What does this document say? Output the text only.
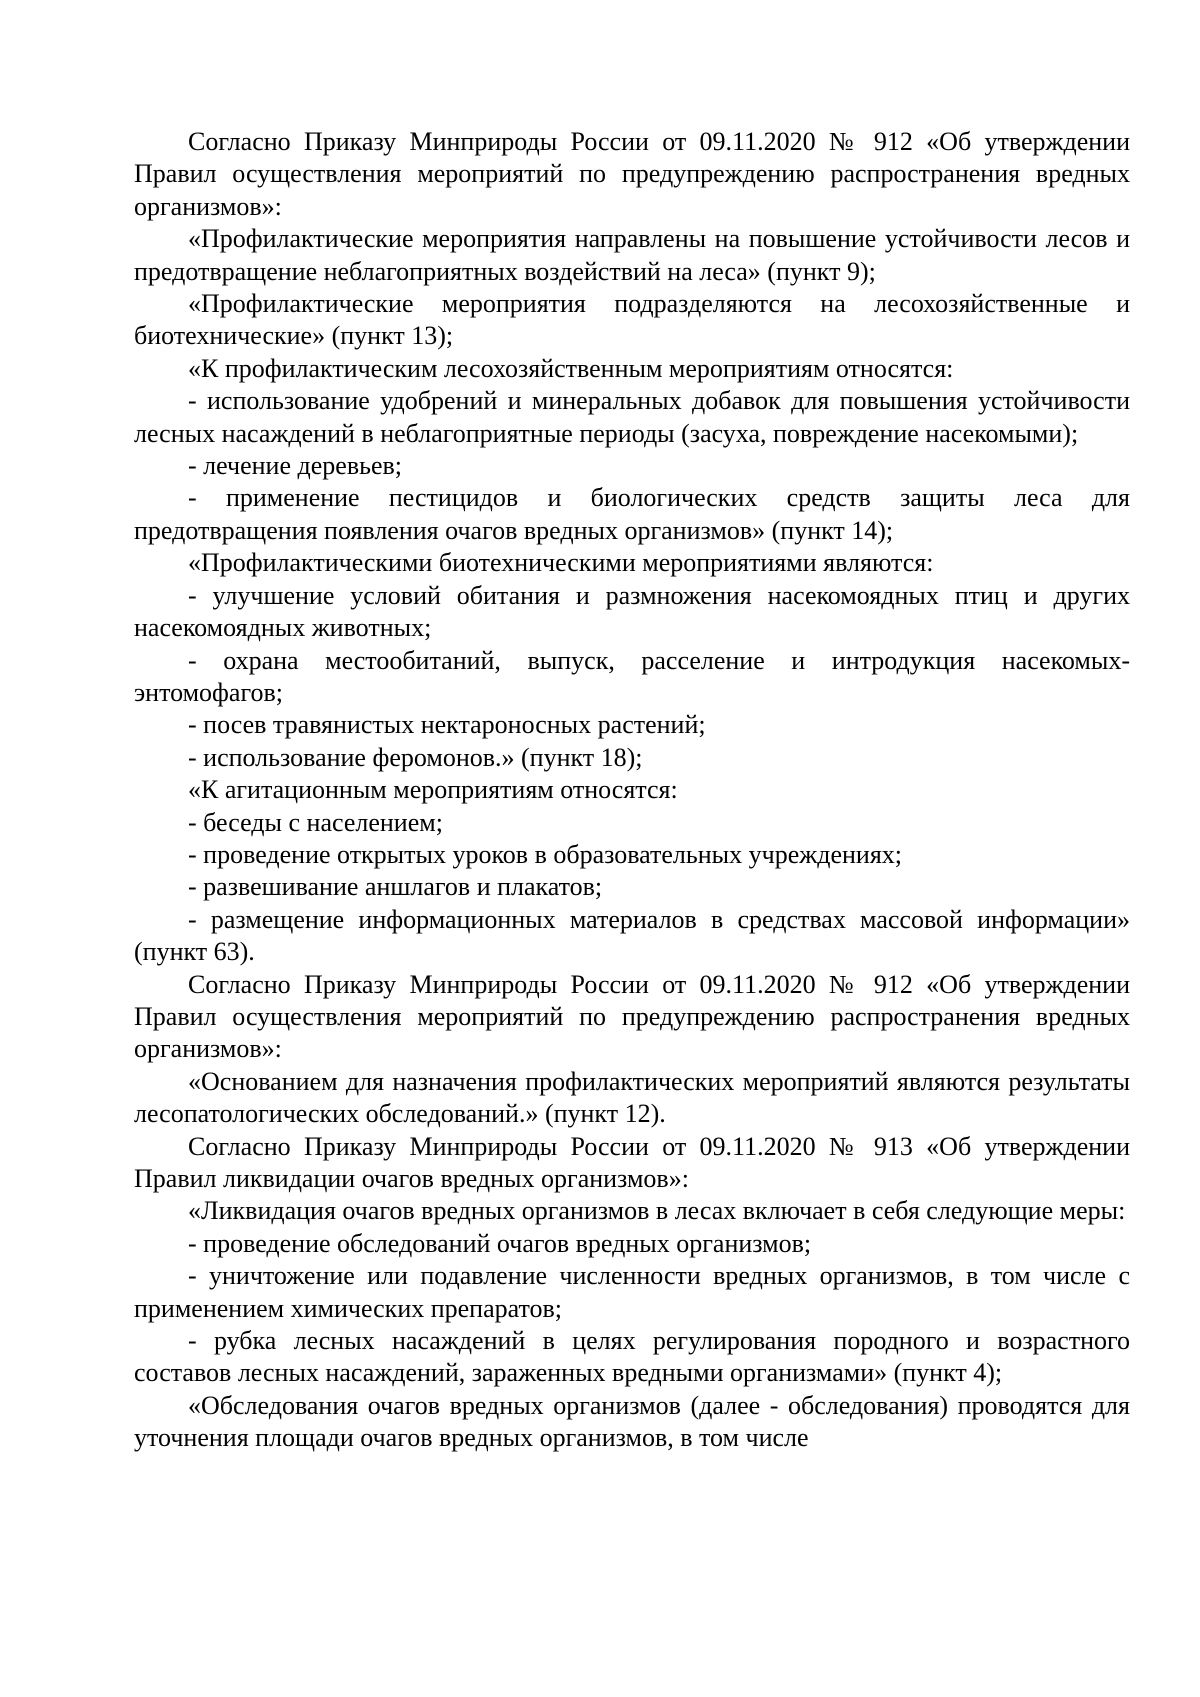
Согласно Приказу Минприроды России от 09.11.2020 № 912 «Об утверждении Правил осуществления мероприятий по предупреждению распространения вредных организмов»:

«Профилактические мероприятия направлены на повышение устойчивости лесов и предотвращение неблагоприятных воздействий на леса» (пункт 9);

«Профилактические мероприятия подразделяются на лесохозяйственные и биотехнические» (пункт 13);

«К профилактическим лесохозяйственным мероприятиям относятся:

- использование удобрений и минеральных добавок для повышения устойчивости лесных насаждений в неблагоприятные периоды (засуха, повреждение насекомыми);

- лечение деревьев;

- применение пестицидов и биологических средств защиты леса для предотвращения появления очагов вредных организмов» (пункт 14);

«Профилактическими биотехническими мероприятиями являются:

- улучшение условий обитания и размножения насекомоядных птиц и других насекомоядных животных;

- охрана местообитаний, выпуск, расселение и интродукция насекомых-энтомофагов;

- посев травянистых нектароносных растений;

- использование феромонов.» (пункт 18);

«К агитационным мероприятиям относятся:

- беседы с населением;

- проведение открытых уроков в образовательных учреждениях;

- развешивание аншлагов и плакатов;

- размещение информационных материалов в средствах массовой информации» (пункт 63).

Согласно Приказу Минприроды России от 09.11.2020 № 912 «Об утверждении Правил осуществления мероприятий по предупреждению распространения вредных организмов»:

«Основанием для назначения профилактических мероприятий являются результаты лесопатологических обследований.» (пункт 12).

Согласно Приказу Минприроды России от 09.11.2020 № 913 «Об утверждении Правил ликвидации очагов вредных организмов»:

«Ликвидация очагов вредных организмов в лесах включает в себя следующие меры:

- проведение обследований очагов вредных организмов;

- уничтожение или подавление численности вредных организмов, в том числе с применением химических препаратов;

- рубка лесных насаждений в целях регулирования породного и возрастного составов лесных насаждений, зараженных вредными организмами» (пункт 4);

«Обследования очагов вредных организмов (далее - обследования) проводятся для уточнения площади очагов вредных организмов, в том числе
